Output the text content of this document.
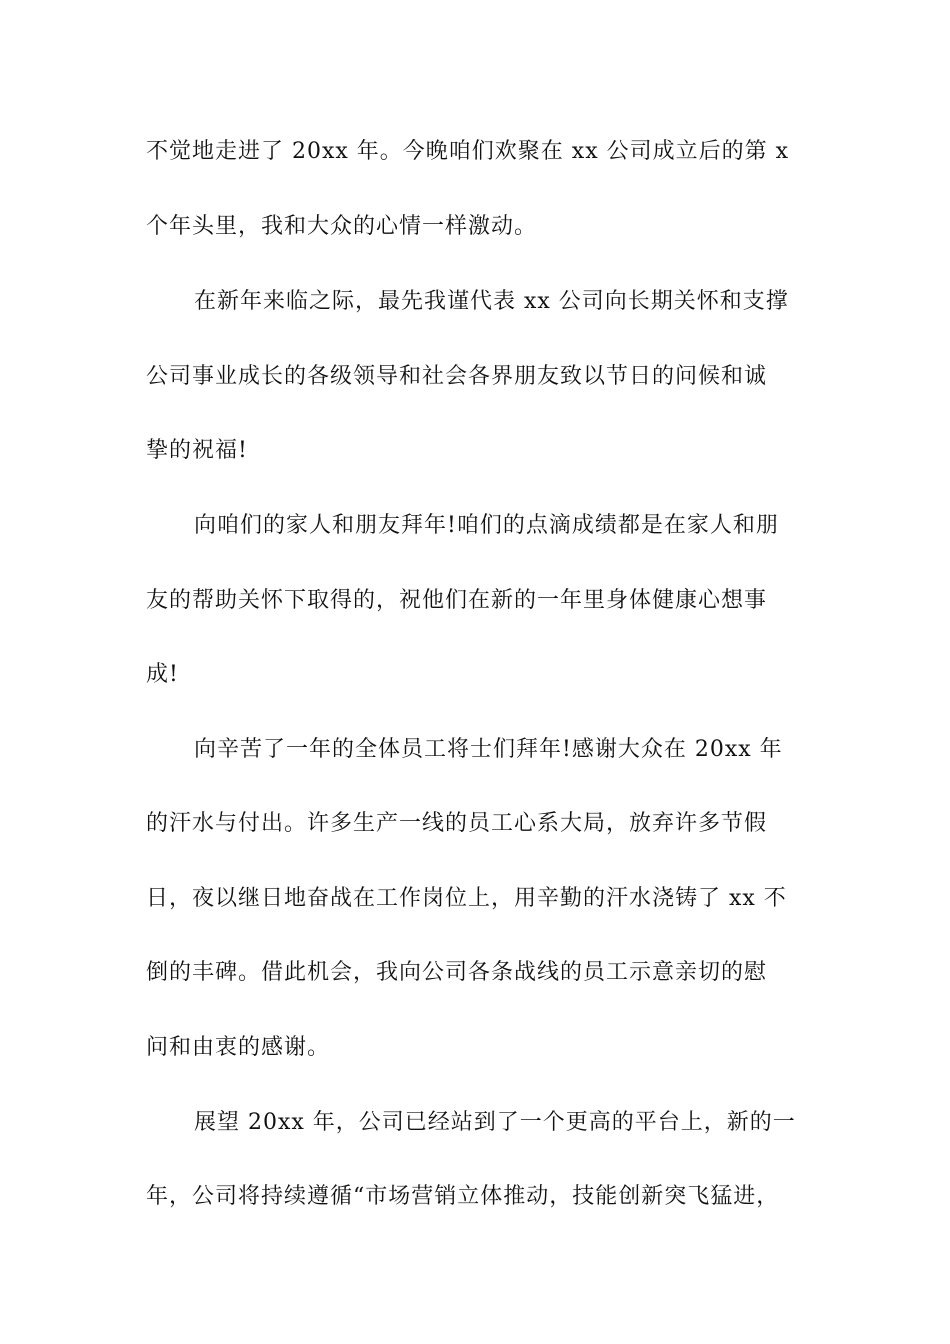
不觉地走进了 20xx 年。今晚咱们欢聚在 xx 公司成立后的第 x
个年头里，我和大众的心情一样激动。
在新年来临之际，最先我谨代表 xx 公司向长期关怀和支撑
公司事业成长的各级领导和社会各界朋友致以节日的问候和诚
挚的祝福!
向咱们的家人和朋友拜年!咱们的点滴成绩都是在家人和朋
友的帮助关怀下取得的，祝他们在新的一年里身体健康心想事
成!
向辛苦了一年的全体员工将士们拜年!感谢大众在 20xx 年
的汗水与付出。许多生产一线的员工心系大局，放弃许多节假
日，夜以继日地奋战在工作岗位上，用辛勤的汗水浇铸了 xx 不
倒的丰碑。借此机会，我向公司各条战线的员工示意亲切的慰
问和由衷的感谢。
展望 20xx 年，公司已经站到了一个更高的平台上，新的一
年，公司将持续遵循“市场营销立体推动，技能创新突飞猛进，
